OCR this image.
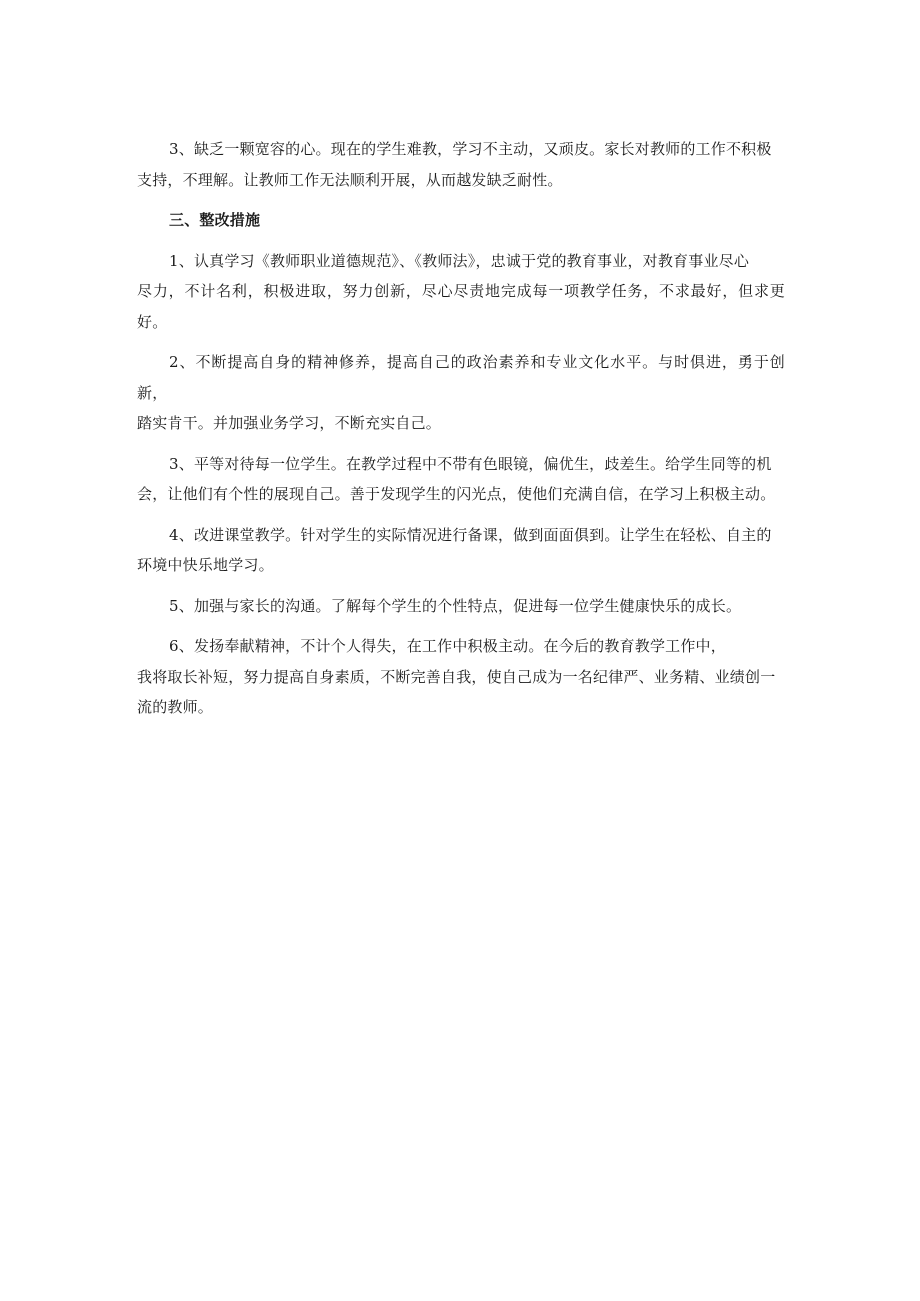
3、缺乏一颗宽容的心。现在的学生难教，学习不主动，又顽皮。家长对教师的工作不积极
支持，不理解。让教师工作无法顺利开展，从而越发缺乏耐性。

三、整改措施

1、认真学习《教师职业道德规范》、《教师法》，忠诚于党的教育事业，对教育事业尽心
尽力，不计名利，积极进取，努力创新，尽心尽责地完成每一项教学任务，不求最好，但求更好。

2、不断提高自身的精神修养，提高自己的政治素养和专业文化水平。与时俱进，勇于创新，
踏实肯干。并加强业务学习，不断充实自己。

3、平等对待每一位学生。在教学过程中不带有色眼镜，偏优生，歧差生。给学生同等的机
会，让他们有个性的展现自己。善于发现学生的闪光点，使他们充满自信，在学习上积极主动。

4、改进课堂教学。针对学生的实际情况进行备课，做到面面俱到。让学生在轻松、自主的
环境中快乐地学习。

5、加强与家长的沟通。了解每个学生的个性特点，促进每一位学生健康快乐的成长。

6、发扬奉献精神，不计个人得失，在工作中积极主动。在今后的教育教学工作中，
我将取长补短，努力提高自身素质，不断完善自我，使自己成为一名纪律严、业务精、业绩创一
流的教师。
